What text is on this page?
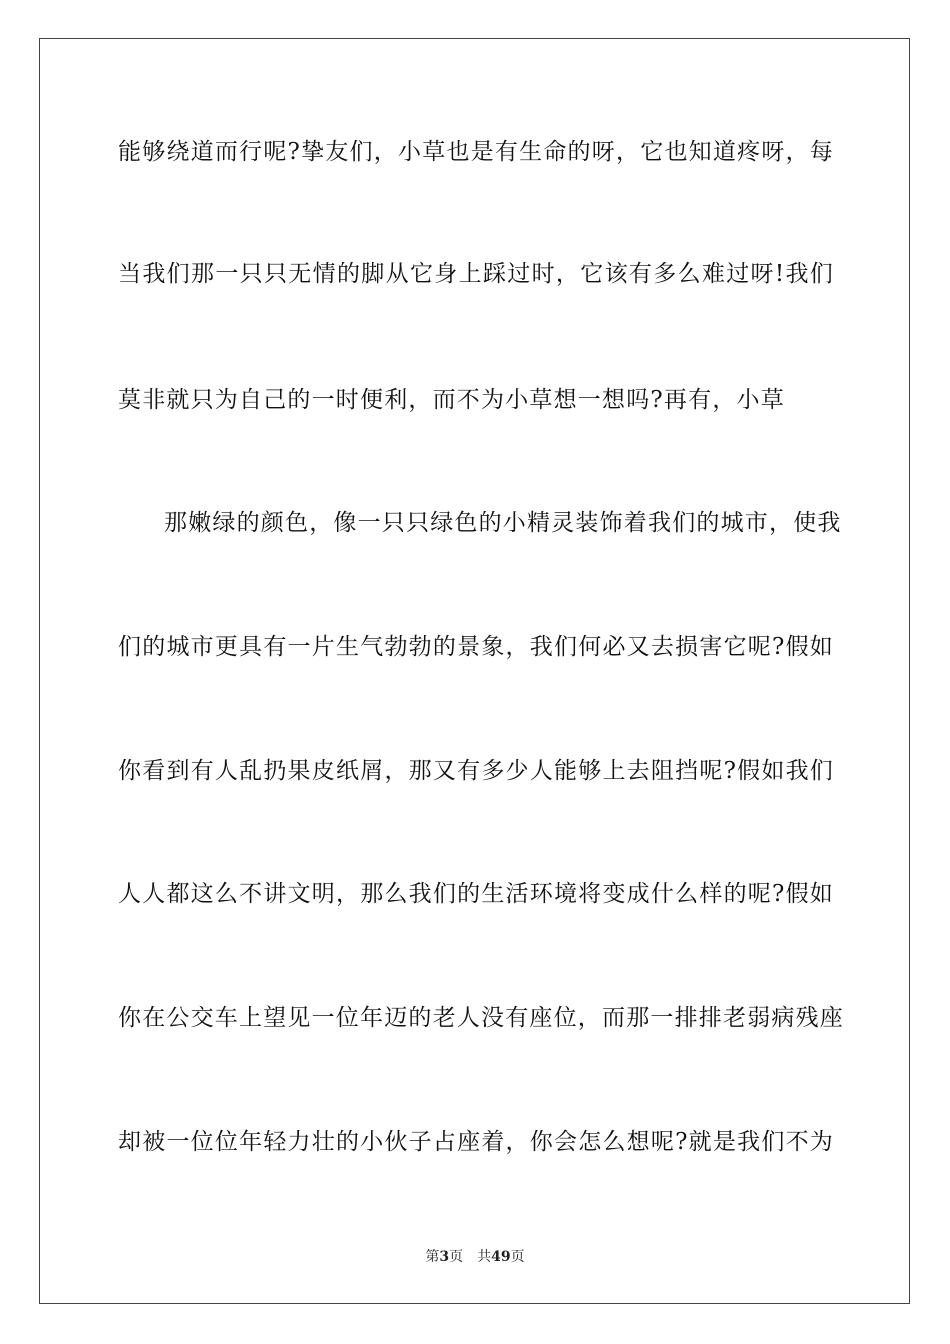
能够绕道而行呢?挚友们，小草也是有生命的呀，它也知道疼呀，每
当我们那一只只无情的脚从它身上踩过时，它该有多么难过呀!我们
莫非就只为自己的一时便利，而不为小草想一想吗?再有，小草
那嫩绿的颜色，像一只只绿色的小精灵装饰着我们的城市，使我
们的城市更具有一片生气勃勃的景象，我们何必又去损害它呢?假如
你看到有人乱扔果皮纸屑，那又有多少人能够上去阻挡呢?假如我们
人人都这么不讲文明，那么我们的生活环境将变成什么样的呢?假如
你在公交车上望见一位年迈的老人没有座位，而那一排排老弱病残座
却被一位位年轻力壮的小伙子占座着，你会怎么想呢?就是我们不为
第3页 共49页
